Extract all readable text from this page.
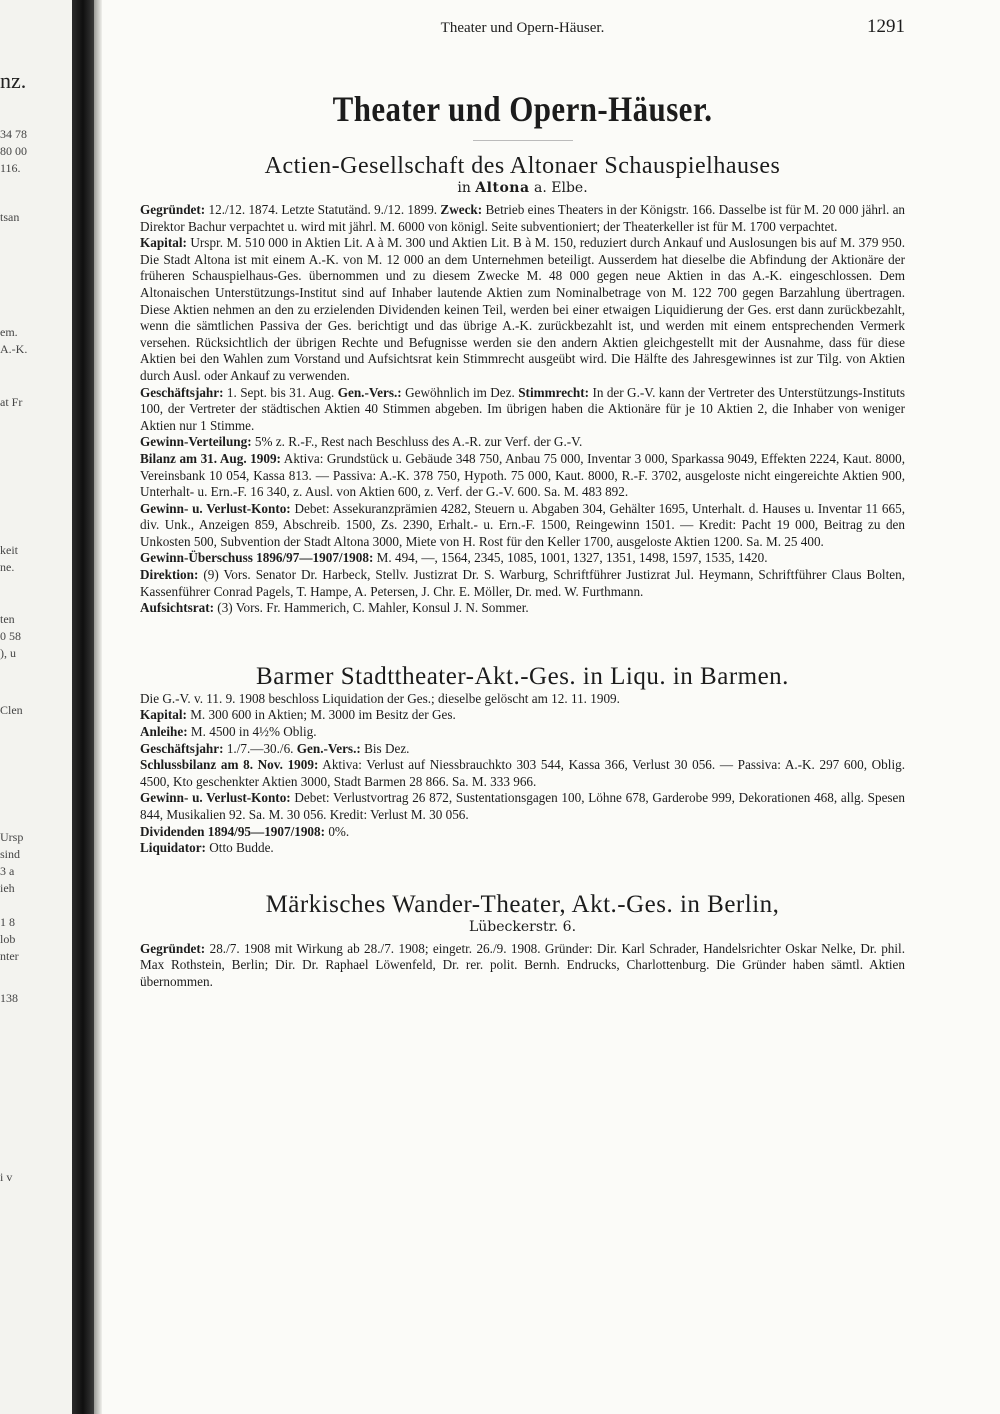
nz.
34 78
80 00
116.
tsan
em.
A.-K.
at Fr
keit
ne.
ten
0 58
), u
Clen
Ursp
sind
3 a
ieh
1 8
lob
nter
138
i v
Theater und Opern-Häuser.	1291
Theater und Opern-Häuser.
Actien-Gesellschaft des Altonaer Schauspielhauses
in Altona a. Elbe.

Gegründet: 12./12. 1874. Letzte Statutänd. 9./12. 1899. Zweck: Betrieb eines Theaters in der Königstr. 166. Dasselbe ist für M. 20 000 jährl. an Direktor Bachur verpachtet u. wird mit jährl. M. 6000 von königl. Seite subventioniert; der Theaterkeller ist für M. 1700 verpachtet.

Kapital: Urspr. M. 510 000 in Aktien Lit. A à M. 300 und Aktien Lit. B à M. 150, reduziert durch Ankauf und Auslosungen bis auf M. 379 950. Die Stadt Altona ist mit einem A.-K. von M. 12 000 an dem Unternehmen beteiligt. Ausserdem hat dieselbe die Abfindung der Aktionäre der früheren Schauspielhaus-Ges. übernommen und zu diesem Zwecke M. 48 000 gegen neue Aktien in das A.-K. eingeschlossen. Dem Altonaischen Unterstützungs-Institut sind auf Inhaber lautende Aktien zum Nominalbetrage von M. 122 700 gegen Barzahlung übertragen. Diese Aktien nehmen an den zu erzielenden Dividenden keinen Teil, werden bei einer etwaigen Liquidierung der Ges. erst dann zurückbezahlt, wenn die sämtlichen Passiva der Ges. berichtigt und das übrige A.-K. zurückbezahlt ist, und werden mit einem entsprechenden Vermerk versehen. Rücksichtlich der übrigen Rechte und Befugnisse werden sie den andern Aktien gleichgestellt mit der Ausnahme, dass für diese Aktien bei den Wahlen zum Vorstand und Aufsichtsrat kein Stimmrecht ausgeübt wird. Die Hälfte des Jahresgewinnes ist zur Tilg. von Aktien durch Ausl. oder Ankauf zu verwenden.

Geschäftsjahr: 1. Sept. bis 31. Aug. Gen.-Vers.: Gewöhnlich im Dez. Stimmrecht: In der G.-V. kann der Vertreter des Unterstützungs-Instituts 100, der Vertreter der städtischen Aktien 40 Stimmen abgeben. Im übrigen haben die Aktionäre für je 10 Aktien 2, die Inhaber von weniger Aktien nur 1 Stimme.

Gewinn-Verteilung: 5% z. R.-F., Rest nach Beschluss des A.-R. zur Verf. der G.-V.

Bilanz am 31. Aug. 1909: Aktiva: Grundstück u. Gebäude 348 750, Anbau 75 000, Inventar 3 000, Sparkassa 9049, Effekten 2224, Kaut. 8000, Vereinsbank 10 054, Kassa 813. — Passiva: A.-K. 378 750, Hypoth. 75 000, Kaut. 8000, R.-F. 3702, ausgeloste nicht eingereichte Aktien 900, Unterhalt- u. Ern.-F. 16 340, z. Ausl. von Aktien 600, z. Verf. der G.-V. 600. Sa. M. 483 892.

Gewinn- u. Verlust-Konto: Debet: Assekuranzprämien 4282, Steuern u. Abgaben 304, Gehälter 1695, Unterhalt. d. Hauses u. Inventar 11 665, div. Unk., Anzeigen 859, Abschreib. 1500, Zs. 2390, Erhalt.- u. Ern.-F. 1500, Reingewinn 1501. — Kredit: Pacht 19 000, Beitrag zu den Unkosten 500, Subvention der Stadt Altona 3000, Miete von H. Rost für den Keller 1700, ausgeloste Aktien 1200. Sa. M. 25 400.

Gewinn-Überschuss 1896/97—1907/1908: M. 494, —, 1564, 2345, 1085, 1001, 1327, 1351, 1498, 1597, 1535, 1420.

Direktion: (9) Vors. Senator Dr. Harbeck, Stellv. Justizrat Dr. S. Warburg, Schriftführer Justizrat Jul. Heymann, Schriftführer Claus Bolten, Kassenführer Conrad Pagels, T. Hampe, A. Petersen, J. Chr. E. Möller, Dr. med. W. Furthmann.

Aufsichtsrat: (3) Vors. Fr. Hammerich, C. Mahler, Konsul J. N. Sommer.

Barmer Stadttheater-Akt.-Ges. in Liqu. in Barmen.

Die G.-V. v. 11. 9. 1908 beschloss Liquidation der Ges.; dieselbe gelöscht am 12. 11. 1909.

Kapital: M. 300 600 in Aktien; M. 3000 im Besitz der Ges.

Anleihe: M. 4500 in 4½% Oblig.

Geschäftsjahr: 1./7.—30./6. Gen.-Vers.: Bis Dez.

Schlussbilanz am 8. Nov. 1909: Aktiva: Verlust auf Niessbrauchkto 303 544, Kassa 366, Verlust 30 056. — Passiva: A.-K. 297 600, Oblig. 4500, Kto geschenkter Aktien 3000, Stadt Barmen 28 866. Sa. M. 333 966.

Gewinn- u. Verlust-Konto: Debet: Verlustvortrag 26 872, Sustentationsgagen 100, Löhne 678, Garderobe 999, Dekorationen 468, allg. Spesen 844, Musikalien 92. Sa. M. 30 056. Kredit: Verlust M. 30 056.

Dividenden 1894/95—1907/1908: 0%.

Liquidator: Otto Budde.

Märkisches Wander-Theater, Akt.-Ges. in Berlin,
Lübeckerstr. 6.

Gegründet: 28./7. 1908 mit Wirkung ab 28./7. 1908; eingetr. 26./9. 1908. Gründer: Dir. Karl Schrader, Handelsrichter Oskar Nelke, Dr. phil. Max Rothstein, Berlin; Dir. Dr. Raphael Löwenfeld, Dr. rer. polit. Bernh. Endrucks, Charlottenburg. Die Gründer haben sämtl. Aktien übernommen.
